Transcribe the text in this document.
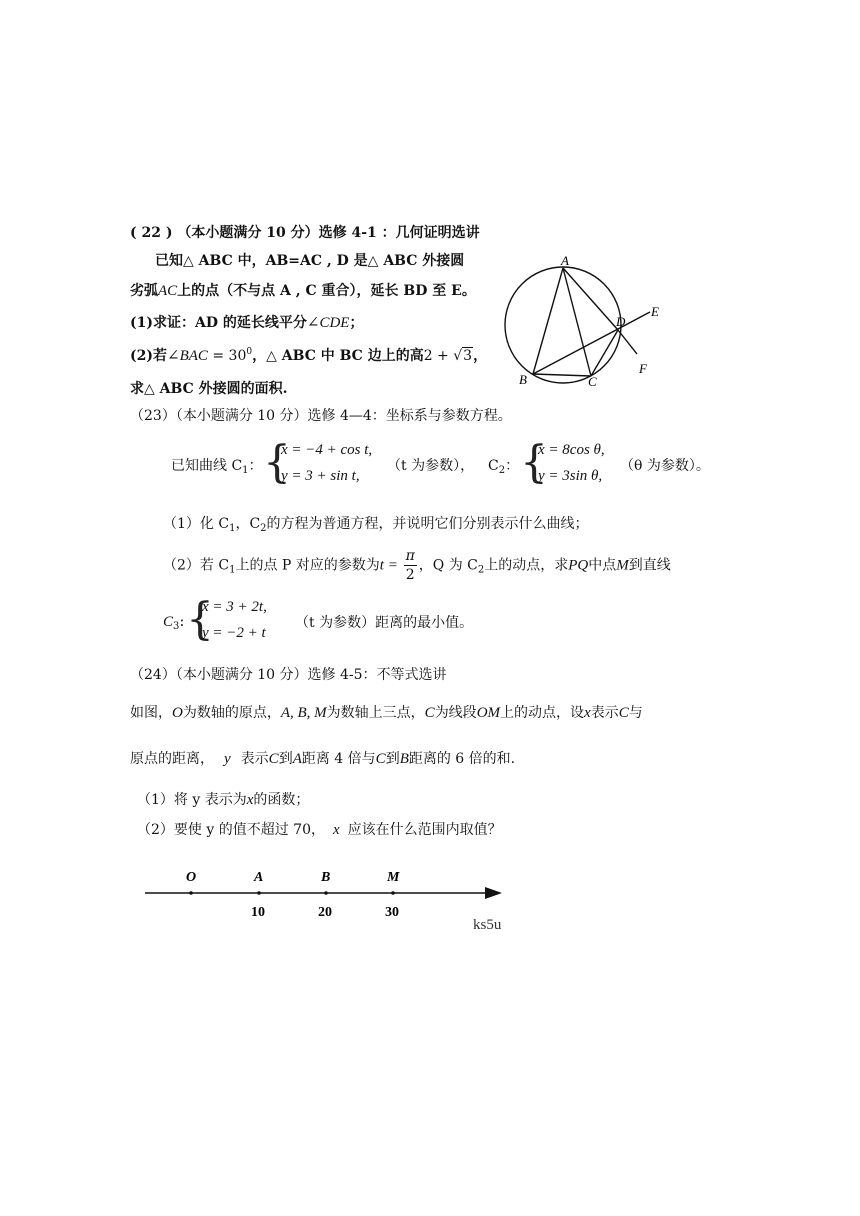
( 22 ) （本小题满分 10 分）选修 4-1 ：几何证明选讲
已知△ ABC 中，AB=AC , D 是△ ABC 外接圆
劣弧AC上的点（不与点 A , C 重合），延长 BD 至 E。
(1)求证：AD 的延长线平分∠CDE；
(2)若∠BAC = $30^0$，△ ABC 中 BC 边上的高2 + √3，
求△ ABC 外接圆的面积.
A
B	C
D
E
F
（23）（本小题满分 10 分）选修 4—4：坐标系与参数方程。
已知曲线 $C_1$： {
x = −4 + cos t,
y = 3 + sin t,
（t 为参数）， $C_2$： {
x = 8cos θ,
y = 3sin θ,
（θ 为参数）。
（1）化 $C_1$，$C_2$的方程为普通方程，并说明它们分别表示什么曲线；
（2）若 $C_1$上的点 P 对应的参数为$t = \frac{\pi}{2}$ ，Q 为 $C_2$上的动点，求PQ中点M到直线
$C_3$: {
x = 3 + 2t,
y = −2 + t
（t 为参数）距离的最小值。
（24）（本小题满分 10 分）选修 4-5：不等式选讲
如图，O为数轴的原点，A, B, M为数轴上三点，C为线段OM上的动点，设x表示C与
原点的距离， y 表示C到A距离 4 倍与C到B距离的 6 倍的和.
（1）将 y 表示为x的函数；
（2）要使 y 的值不超过 70， x 应该在什么范围内取值？
O	A
10
B
20
M
30
ks5u
